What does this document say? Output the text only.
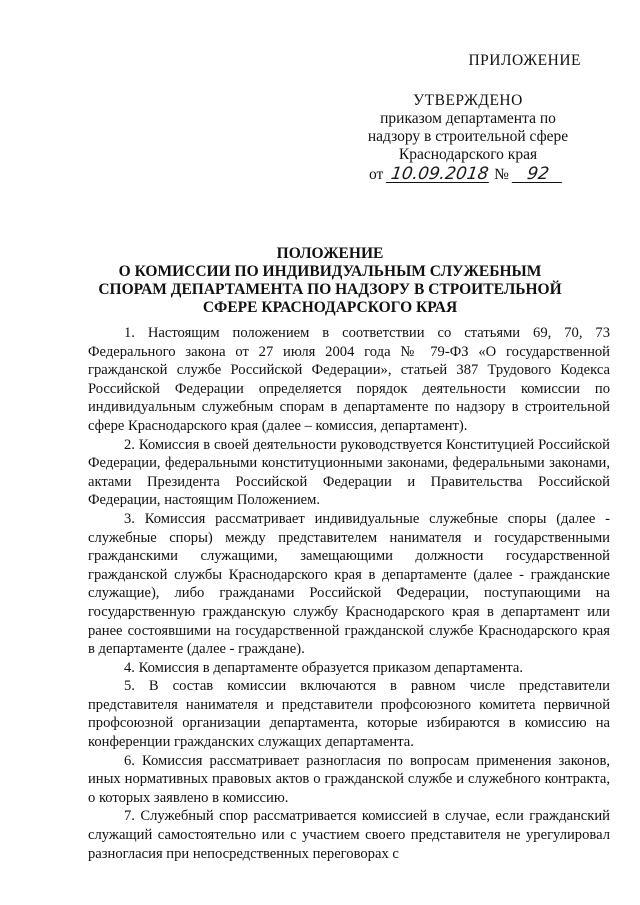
ПРИЛОЖЕНИЕ
УТВЕРЖДЕНО
приказом департамента по
надзору в строительной сфере
Краснодарского края
от 10.09.2018 № 92
ПОЛОЖЕНИЕ
О КОМИССИИ ПО ИНДИВИДУАЛЬНЫМ СЛУЖЕБНЫМ
СПОРАМ ДЕПАРТАМЕНТА ПО НАДЗОРУ В СТРОИТЕЛЬНОЙ
СФЕРЕ КРАСНОДАРСКОГО КРАЯ

1. Настоящим положением в соответствии со статьями 69, 70, 73 Федерального закона от 27 июля 2004 года № 79-ФЗ «О государственной гражданской службе Российской Федерации», статьей 387 Трудового Кодекса Российской Федерации определяется порядок деятельности комиссии по индивидуальным служебным спорам в департаменте по надзору в строительной сфере Краснодарского края (далее – комиссия, департамент).

2. Комиссия в своей деятельности руководствуется Конституцией Российской Федерации, федеральными конституционными законами, федеральными законами, актами Президента Российской Федерации и Правительства Российской Федерации, настоящим Положением.

3. Комиссия рассматривает индивидуальные служебные споры (далее - служебные споры) между представителем нанимателя и государственными гражданскими служащими, замещающими должности государственной гражданской службы Краснодарского края в департаменте (далее - гражданские служащие), либо гражданами Российской Федерации, поступающими на государственную гражданскую службу Краснодарского края в департамент или ранее состоявшими на государственной гражданской службе Краснодарского края в департаменте (далее - граждане).

4. Комиссия в департаменте образуется приказом департамента.

5. В состав комиссии включаются в равном числе представители представителя нанимателя и представители профсоюзного комитета первичной профсоюзной организации департамента, которые избираются в комиссию на конференции гражданских служащих департамента.

6. Комиссия рассматривает разногласия по вопросам применения законов, иных нормативных правовых актов о гражданской службе и служебного контракта, о которых заявлено в комиссию.

7. Служебный спор рассматривается комиссией в случае, если гражданский служащий самостоятельно или с участием своего представителя не урегулировал разногласия при непосредственных переговорах с
